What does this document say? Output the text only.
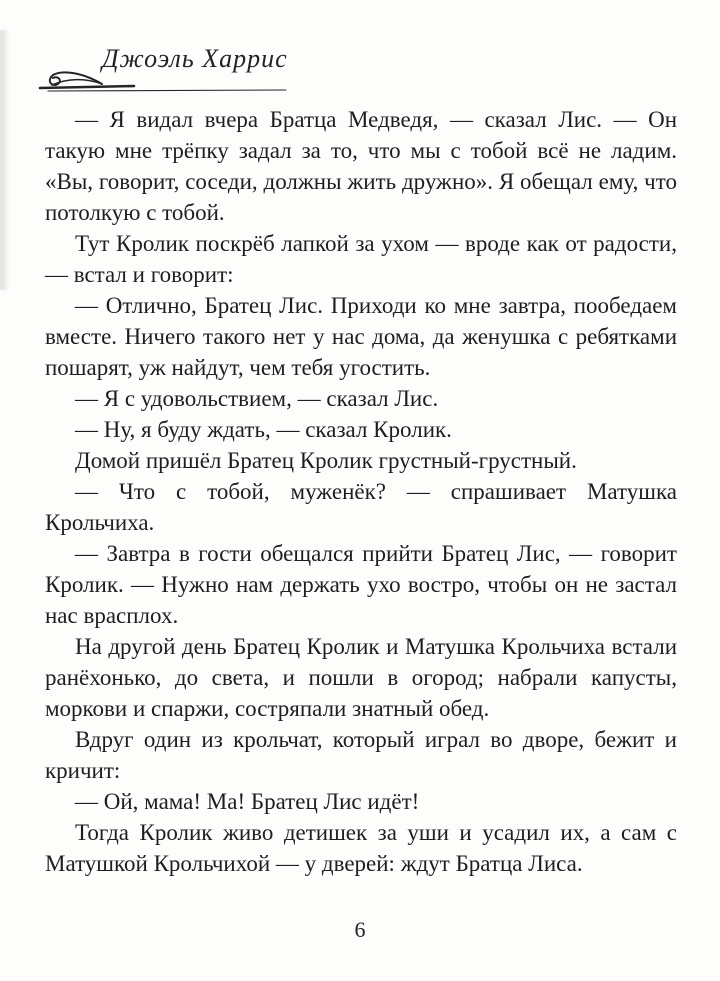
Джоэль Харрис

— Я видал вчера Братца Медведя, — сказал Лис. — Он такую мне трёпку задал за то, что мы с тобой всё не ладим. «Вы, говорит, соседи, должны жить дружно». Я обещал ему, что потолкую с тобой.

Тут Кролик поскрёб лапкой за ухом — вроде как от радости, — встал и говорит:

— Отлично, Братец Лис. Приходи ко мне завтра, пообедаем вместе. Ничего такого нет у нас дома, да женушка с ребятками пошарят, уж найдут, чем тебя угостить.

— Я с удовольствием, — сказал Лис.

— Ну, я буду ждать, — сказал Кролик.

Домой пришёл Братец Кролик грустный-грустный.

— Что с тобой, муженёк? — спрашивает Матушка Крольчиха.

— Завтра в гости обещался прийти Братец Лис, — говорит Кролик. — Нужно нам держать ухо востро, чтобы он не застал нас врасплох.

На другой день Братец Кролик и Матушка Крольчиха встали ранёхонько, до света, и пошли в огород; набрали капусты, моркови и спаржи, состряпали знатный обед.

Вдруг один из крольчат, который играл во дворе, бежит и кричит:

— Ой, мама! Ма! Братец Лис идёт!

Тогда Кролик живо детишек за уши и усадил их, а сам с Матушкой Крольчихой — у дверей: ждут Братца Лиса.

6
